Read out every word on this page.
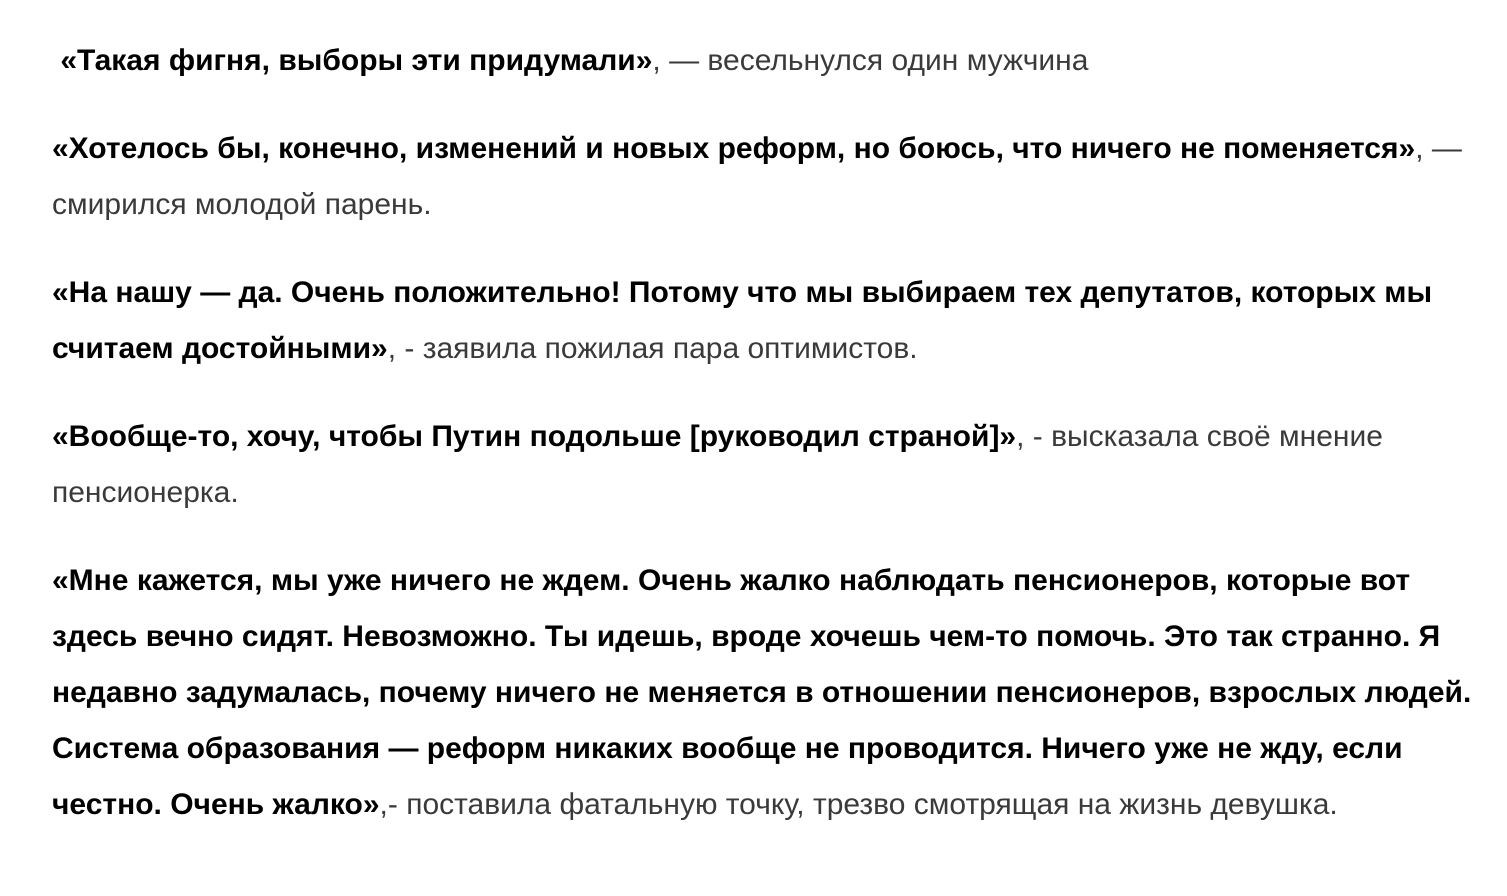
«Такая фигня, выборы эти придумали», — весельнулся один мужчина

«Хотелось бы, конечно, изменений и новых реформ, но боюсь, что ничего не поменяется», — смирился молодой парень.

«На нашу — да. Очень положительно! Потому что мы выбираем тех депутатов, которых мы считаем достойными», - заявила пожилая пара оптимистов.

«Вообще-то, хочу, чтобы Путин подольше [руководил страной]», - высказала своё мнение пенсионерка.

«Мне кажется, мы уже ничего не ждем. Очень жалко наблюдать пенсионеров, которые вот здесь вечно сидят. Невозможно. Ты идешь, вроде хочешь чем-то помочь. Это так странно. Я недавно задумалась, почему ничего не меняется в отношении пенсионеров, взрослых людей. Система образования — реформ никаких вообще не проводится. Ничего уже не жду, если честно. Очень жалко»,- поставила фатальную точку, трезво смотрящая на жизнь девушка.
